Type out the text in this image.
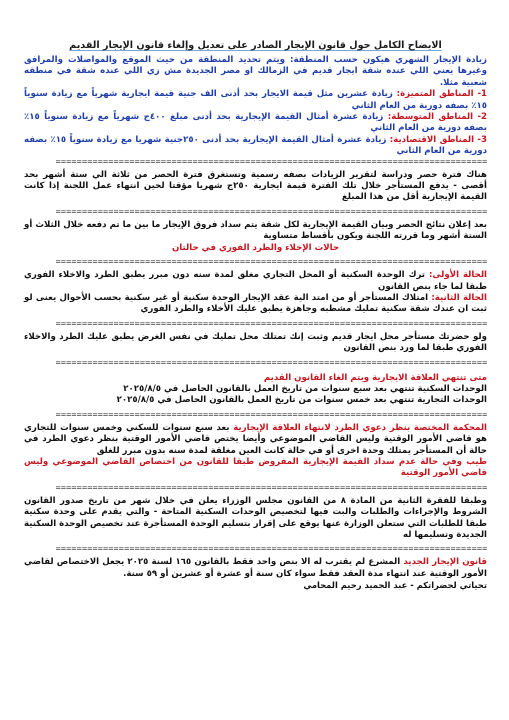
الايضاح الكامل حول قانون الإيجار الصادر على تعديل وإلغاء قانون الإيجار القديم

زيادة الإيجار الشهري هيكون حسب المنطقة: ويتم تحديد المنطقة من حيث الموقع والمواصلات والمرافق وغيرها يعني اللي عنده شقة ايجار قديم في الزمالك او مصر الجديدة مش زي اللي عنده شقة في منطقه شعبية مثلا.

1- المناطق المتميزة: زيادة عشرين مثل قيمة الايجار بحد أدنى الف جنية قيمة ايجارية شهرياً مع زيادة سنوياً ١٥٪ بصفه دورية من العام الثاني

2- المناطق المتوسطة: زيادة عشرة أمثال القيمة الإيجارية بحد أدنى مبلغ ٤٠٠ج شهرياً مع زيادة سنوياً ١٥٪ بصفه دورية من العام الثاني

3- المناطق الاقتصادية: زيادة عشرة أمثال القيمة الإيجارية بحد أدنى ٢٥٠جنية شهريا مع زيادة سنوياً ١٥٪ بصفه دورية من العام الثاني

==================================================================================

هناك فترة حصر ودراسة لتقرير الزيادات بصفه رسمية وتستغرق فترة الحصر من ثلاثة الي ستة أشهر بحد أقصى - يدفع المستأجر خلال تلك الفترة قيمة ايجارية ٢٥٠ج شهريا مؤقتا لحين انتهاء عمل اللجنة إذا كانت القيمة الإيجارية أقل من هذا المبلغ

==================================================================================

بعد إعلان نتائج الحصر وبيان القيمة الإيجارية لكل شقة يتم سداد فروق الإيجار ما بين ما تم دفعه خلال الثلاث أو الستة أشهر وما قررته اللجنة ويكون بأقساط متساوية

حالات الإخلاء والطرد الفوري في حالتان

==================================================================================

الحالة الأولى: ترك الوحدة السكنية أو المحل التجاري مغلق لمدة سنه دون مبرر يطبق الطرد والاخلاء الفوري طبقا لما جاء بنص القانون

الحالة الثانية: امتلاك المستأجر أو من امتد الية عقد الإيجار الوحدة سكنية أو غير سكنية بحسب الأحوال يعنى لو ثبت ان عندك شقة سكنية تمليك مشطبه وجاهزة يطبق عليك الأخلاء والطرد الفوري

==================================================================================

ولو حضرتك مستأجر محل ايجار قديم وثبت إنك تمتلك محل تمليك في نفس الغرض يطبق عليك الطرد والاخلاء الفوري طبقا لما ورد بنص القانون

==================================================================================

متى تنتهي العلاقة الايجارية ويتم الغاء القانون القديم

الوحدات السكنية تنتهي بعد سبع سنوات من تاريخ العمل بالقانون الحاصل في ٢٠٢٥/٨/٥

الوحدات التجارية تنتهي بعد خمس سنوات من تاريخ العمل بالقانون الحاصل في ٢٠٢٥/٨/٥

==================================================================================

المحكمة المختصة بنظر دعوي الطرد لانتهاء العلاقة الإيجارية بعد سبع سنوات للسكني وخمس سنوات للتجاري هو قاضي الأمور الوقتية وليس القاضي الموضوعي وأيضا يختص قاضي الأمور الوقتية بنظر دعوي الطرد في حالة أن المستأجر يمتلك وحدة اخرى أو في حالة كانت العين مغلقة لمدة سنه بدون مبرر للغلق

طيب وفي حالة عدم سداد القيمة الإيجارية المفروض طبقا للقانون من اختصاص القاضي الموضوعي وليس قاضي الأمور الوقتية

==================================================================================

وطبقا للفقرة الثانية من المادة ٨ من القانون مجلس الوزراء يعلن في خلال شهر من تاريخ صدور القانون الشروط والإجراءات والطلبات والبت فيها لتخصيص الوحدات السكنية المتاحة - والتي يقدم على وحدة سكنية طبقا للطلبات التي ستعلن الوزارة عنها يوقع على إقرار بتسليم الوحدة المستأجرة عند تخصيص الوحدة السكنية الجديدة وتسليمها له

==================================================================================

قانون الإيجار الجديد المشرع لم يقترب له الا بنص واحد فقط بالقانون ١٦٥ لسنة ٢٠٢٥ يجعل الاختصاص لقاضي الأمور الوقتية عند انتهاء مدة العقد فقط سواء كان سنة أو عشرة أو عشرين أو ٥٩ سنة.

تحياتي لحضراتكم - عبد الحميد رحيم المحامي
